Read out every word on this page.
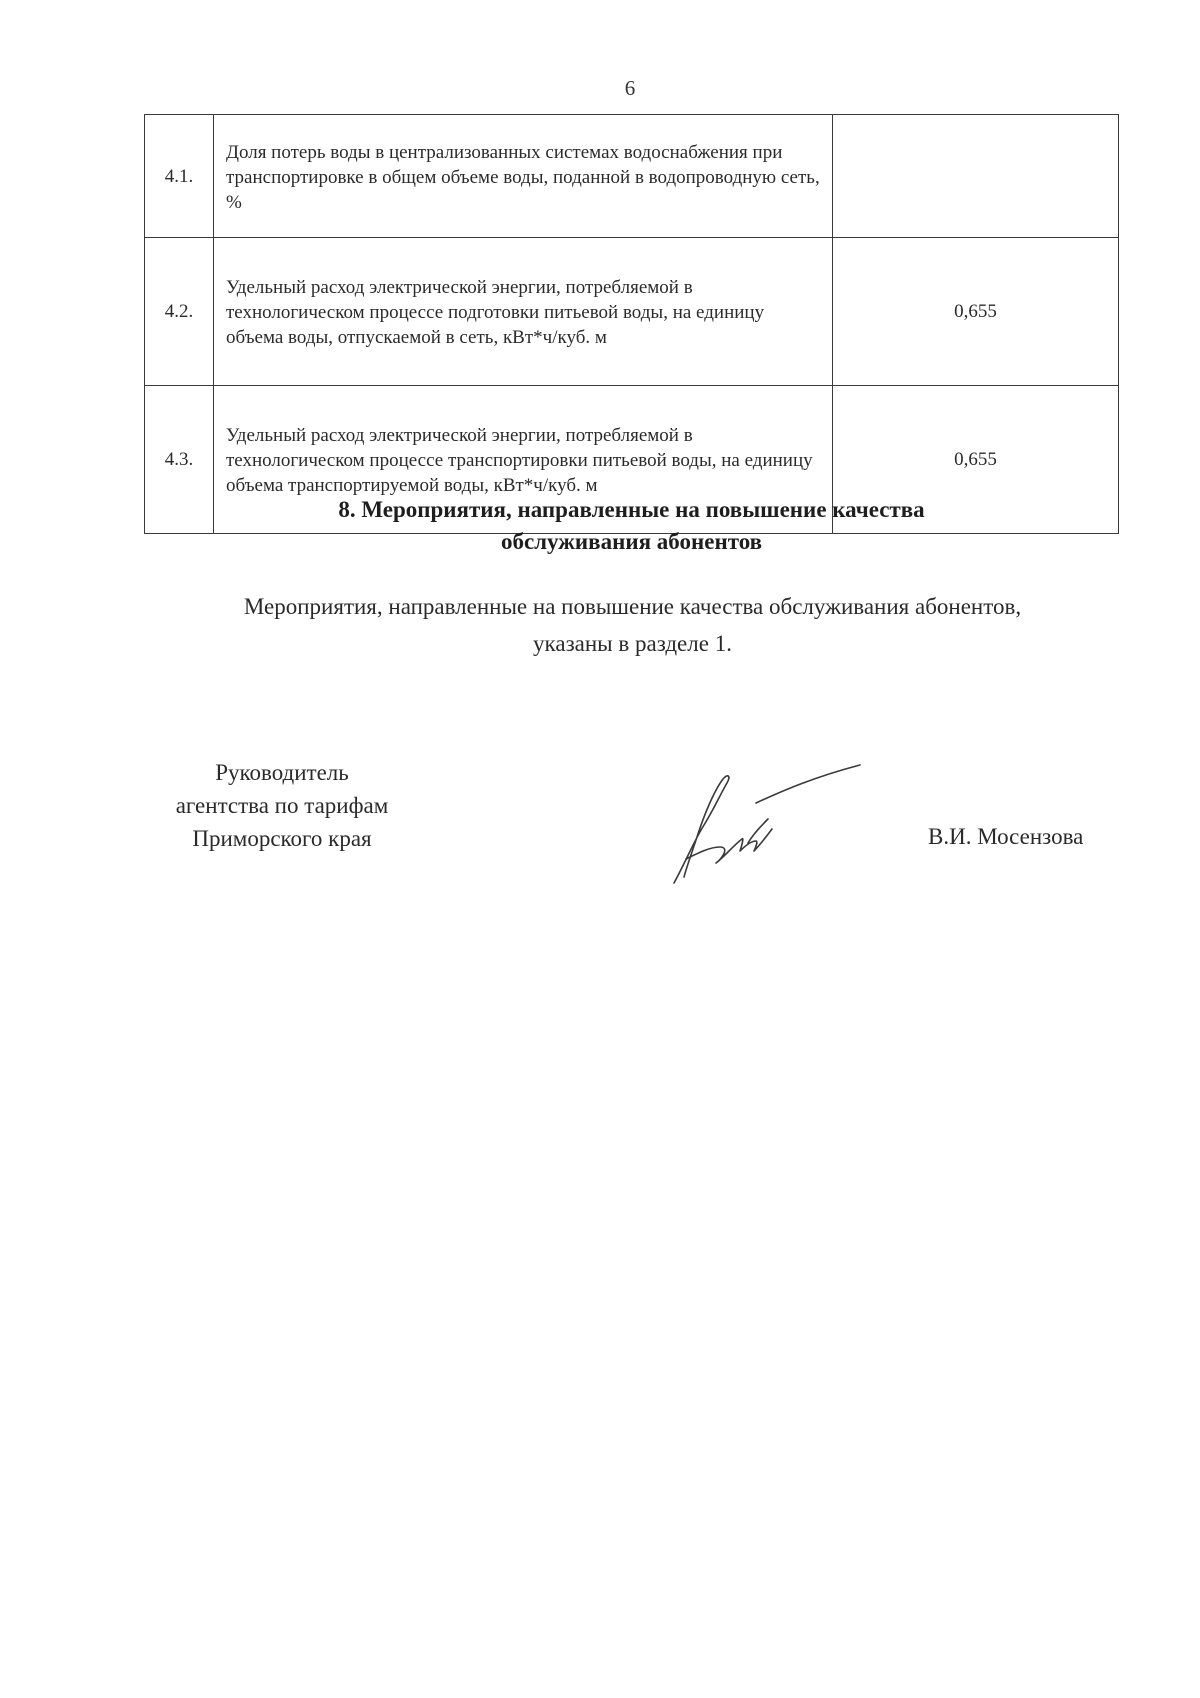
6
4.1.	Доля потерь воды в централизованных системах водоснабжения при транспортировке в общем объеме воды, поданной в водопроводную сеть, %	
4.2.	Удельный расход электрической энергии, потребляемой в технологическом процессе подготовки питьевой воды, на единицу объема воды, отпускаемой в сеть, кВт*ч/куб. м	0,655
4.3.	Удельный расход электрической энергии, потребляемой в технологическом процессе транспортировки питьевой воды, на единицу объема транспортируемой воды, кВт*ч/куб. м	0,655
8. Мероприятия, направленные на повышение качества
обслуживания абонентов
Мероприятия, направленные на повышение качества обслуживания абонентов,
указаны в разделе 1.
Руководитель
агентства по тарифам
Приморского края	В.И. Мосензова
